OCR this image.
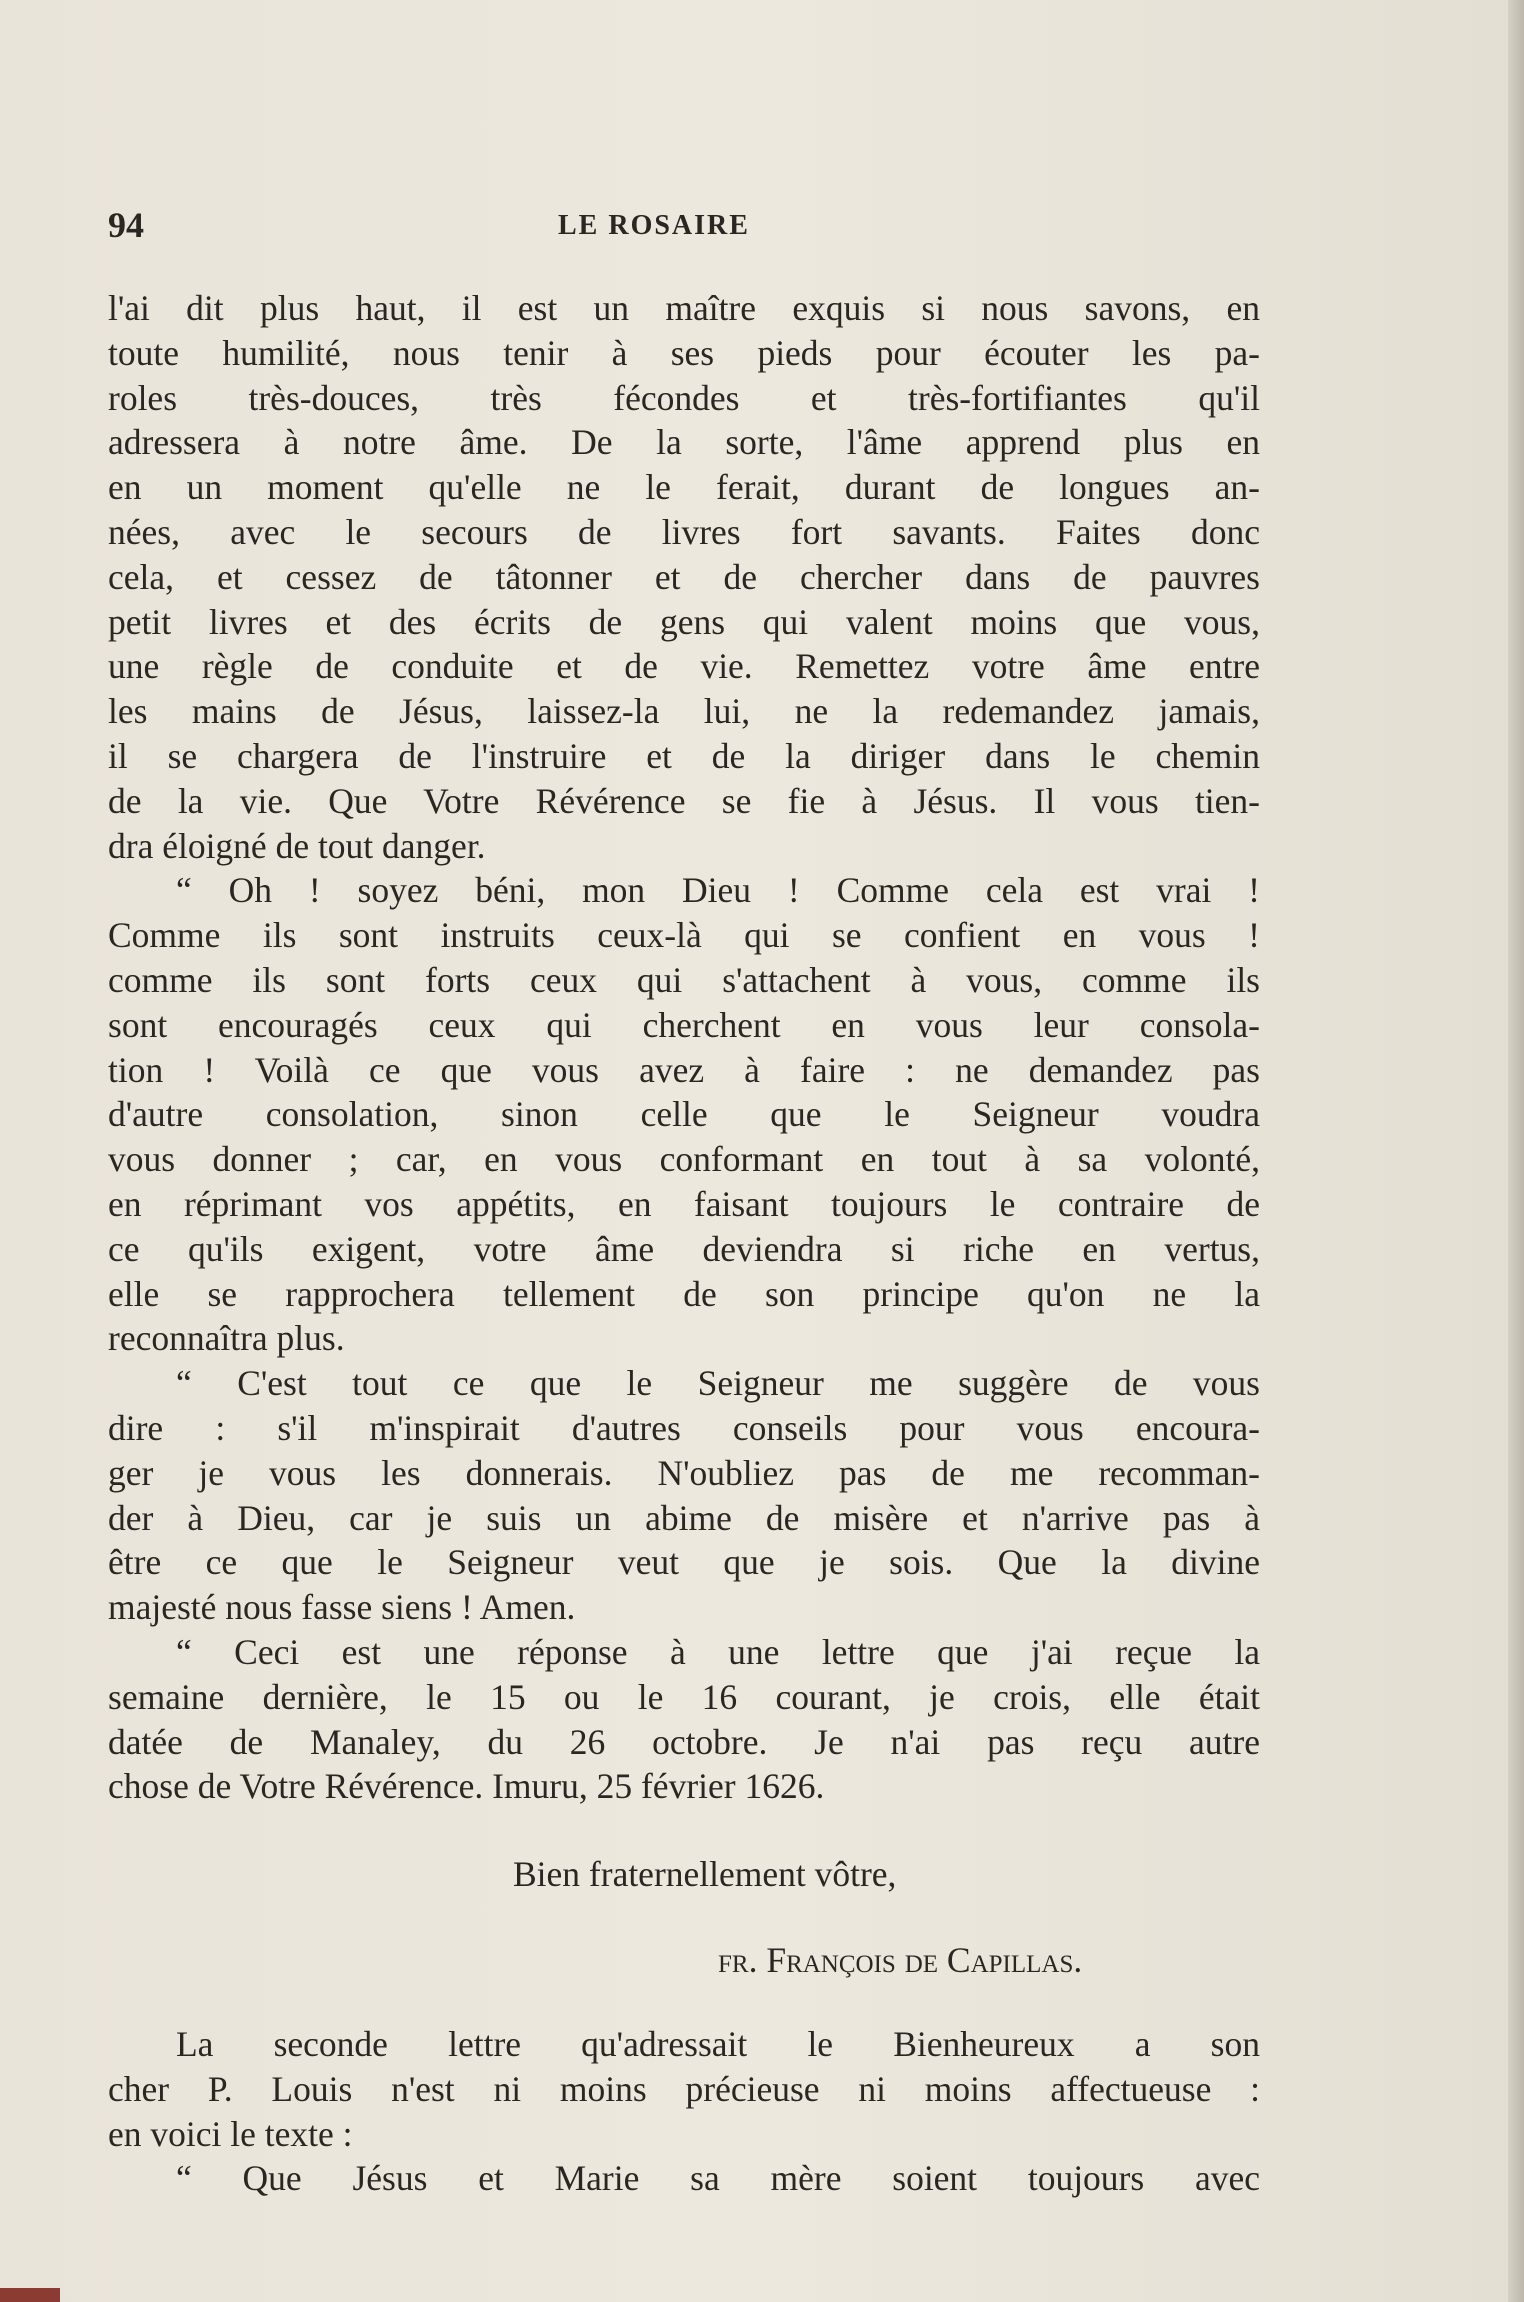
94	LE ROSAIRE
l'ai dit plus haut, il est un maître exquis si nous savons, en
toute humilité, nous tenir à ses pieds pour écouter les pa-
roles très-douces, très fécondes et très-fortifiantes qu'il
adressera à notre âme. De la sorte, l'âme apprend plus en
en un moment qu'elle ne le ferait, durant de longues an-
nées, avec le secours de livres fort savants. Faites donc
cela, et cessez de tâtonner et de chercher dans de pauvres
petit livres et des écrits de gens qui valent moins que vous,
une règle de conduite et de vie. Remettez votre âme entre
les mains de Jésus, laissez-la lui, ne la redemandez jamais,
il se chargera de l'instruire et de la diriger dans le chemin
de la vie. Que Votre Révérence se fie à Jésus. Il vous tien-
dra éloigné de tout danger.
“ Oh ! soyez béni, mon Dieu ! Comme cela est vrai !
Comme ils sont instruits ceux-là qui se confient en vous !
comme ils sont forts ceux qui s'attachent à vous, comme ils
sont encouragés ceux qui cherchent en vous leur consola-
tion ! Voilà ce que vous avez à faire : ne demandez pas
d'autre consolation, sinon celle que le Seigneur voudra
vous donner ; car, en vous conformant en tout à sa volonté,
en réprimant vos appétits, en faisant toujours le contraire de
ce qu'ils exigent, votre âme deviendra si riche en vertus,
elle se rapprochera tellement de son principe qu'on ne la
reconnaîtra plus.
“ C'est tout ce que le Seigneur me suggère de vous
dire : s'il m'inspirait d'autres conseils pour vous encoura-
ger je vous les donnerais. N'oubliez pas de me recomman-
der à Dieu, car je suis un abime de misère et n'arrive pas à
être ce que le Seigneur veut que je sois. Que la divine
majesté nous fasse siens ! Amen.
“ Ceci est une réponse à une lettre que j'ai reçue la
semaine dernière, le 15 ou le 16 courant, je crois, elle était
datée de Manaley, du 26 octobre. Je n'ai pas reçu autre
chose de Votre Révérence. Imuru, 25 février 1626.
Bien fraternellement vôtre,
fr. François de Capillas.
La seconde lettre qu'adressait le Bienheureux a son
cher P. Louis n'est ni moins précieuse ni moins affectueuse :
en voici le texte :
“ Que Jésus et Marie sa mère soient toujours avec
